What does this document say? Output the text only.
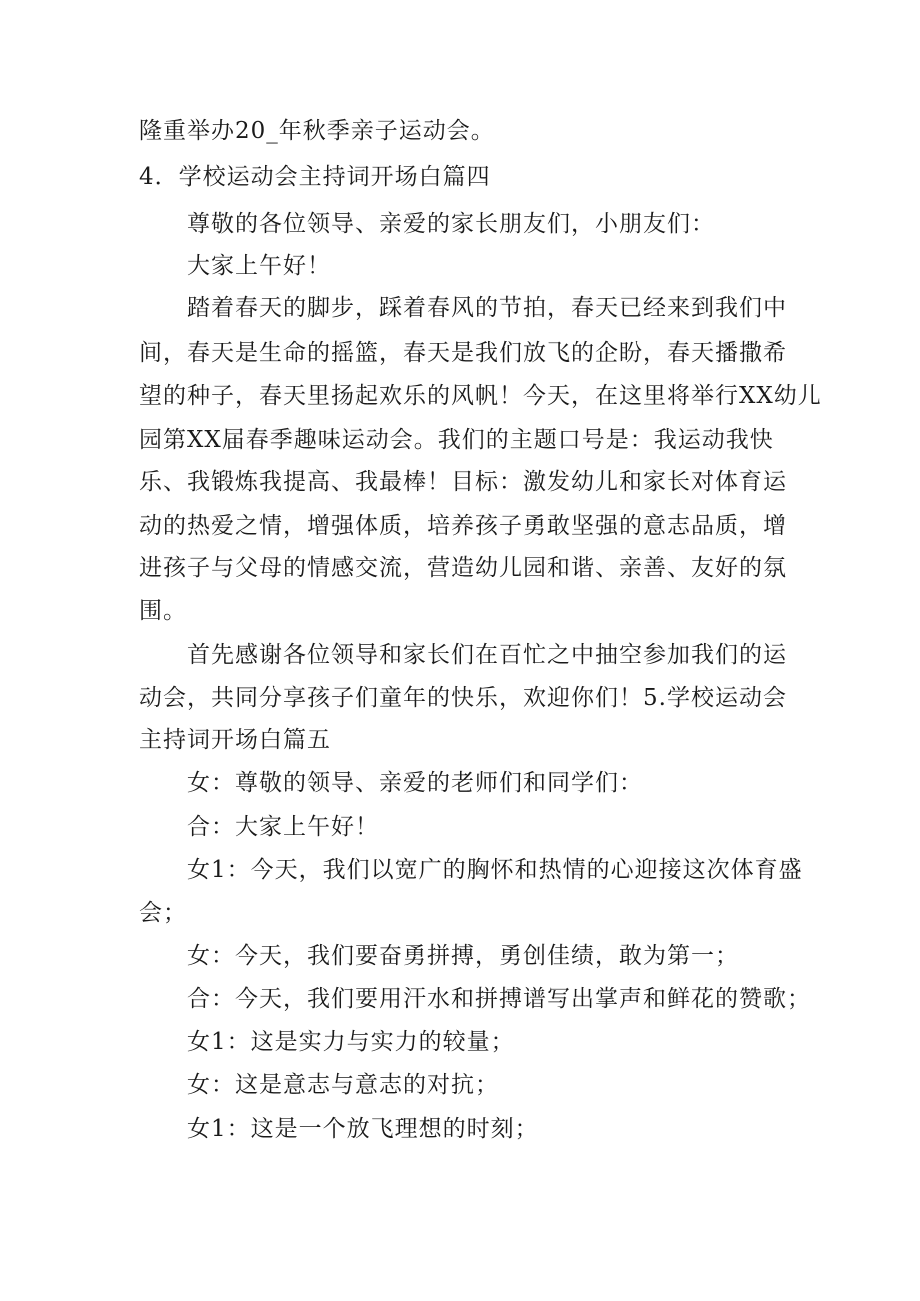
隆重举办20_年秋季亲子运动会。
4．学校运动会主持词开场白篇四
尊敬的各位领导、亲爱的家长朋友们，小朋友们：
大家上午好！
踏着春天的脚步，踩着春风的节拍，春天已经来到我们中
间，春天是生命的摇篮，春天是我们放飞的企盼，春天播撒希
望的种子，春天里扬起欢乐的风帆！今天，在这里将举行XX幼儿
园第XX届春季趣味运动会。我们的主题口号是：我运动我快
乐、我锻炼我提高、我最棒！目标：激发幼儿和家长对体育运
动的热爱之情，增强体质，培养孩子勇敢坚强的意志品质，增
进孩子与父母的情感交流，营造幼儿园和谐、亲善、友好的氛
围。
首先感谢各位领导和家长们在百忙之中抽空参加我们的运
动会，共同分享孩子们童年的快乐，欢迎你们！5.学校运动会
主持词开场白篇五
女：尊敬的领导、亲爱的老师们和同学们：
合：大家上午好！
女1：今天，我们以宽广的胸怀和热情的心迎接这次体育盛
会；
女：今天，我们要奋勇拼搏，勇创佳绩，敢为第一；
合：今天，我们要用汗水和拼搏谱写出掌声和鲜花的赞歌；
女1：这是实力与实力的较量；
女：这是意志与意志的对抗；
女1：这是一个放飞理想的时刻；
